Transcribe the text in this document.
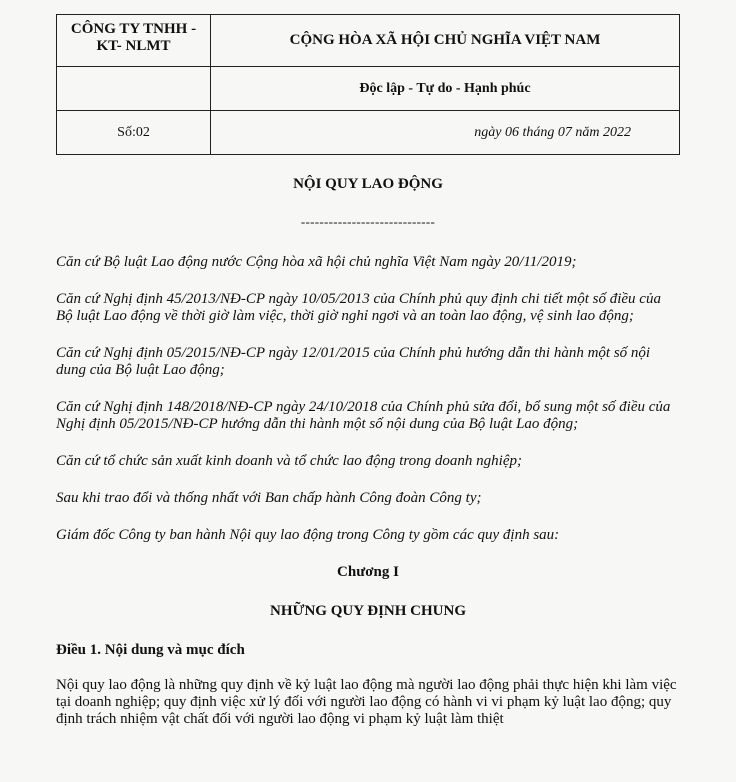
CÔNG TY TNHH -
KT- NLMT	CỘNG HÒA XÃ HỘI CHỦ NGHĨA VIỆT NAM
Độc lập - Tự do - Hạnh phúc
Số:02	ngày 06 tháng 07 năm 2022
NỘI QUY LAO ĐỘNG
-----------------------------

Căn cứ Bộ luật Lao động nước Cộng hòa xã hội chủ nghĩa Việt Nam ngày 20/11/2019;

Căn cứ Nghị định 45/2013/NĐ-CP ngày 10/05/2013 của Chính phủ quy định chi tiết một số điều của Bộ luật Lao động về thời giờ làm việc, thời giờ nghỉ ngơi và an toàn lao động, vệ sinh lao động;

Căn cứ Nghị định 05/2015/NĐ-CP ngày 12/01/2015 của Chính phủ hướng dẫn thi hành một số nội dung của Bộ luật Lao động;

Căn cứ Nghị định 148/2018/NĐ-CP ngày 24/10/2018 của Chính phủ sửa đổi, bổ sung một số điều của Nghị định 05/2015/NĐ-CP hướng dẫn thi hành một số nội dung của Bộ luật Lao động;

Căn cứ tổ chức sản xuất kinh doanh và tổ chức lao động trong doanh nghiệp;

Sau khi trao đổi và thống nhất với Ban chấp hành Công đoàn Công ty;

Giám đốc Công ty ban hành Nội quy lao động trong Công ty gồm các quy định sau:

Chương I
NHỮNG QUY ĐỊNH CHUNG
Điều 1. Nội dung và mục đích

Nội quy lao động là những quy định về kỷ luật lao động mà người lao động phải thực hiện khi làm việc tại doanh nghiệp; quy định việc xử lý đối với người lao động có hành vi vi phạm kỷ luật lao động; quy định trách nhiệm vật chất đối với người lao động vi phạm kỷ luật làm thiệt
